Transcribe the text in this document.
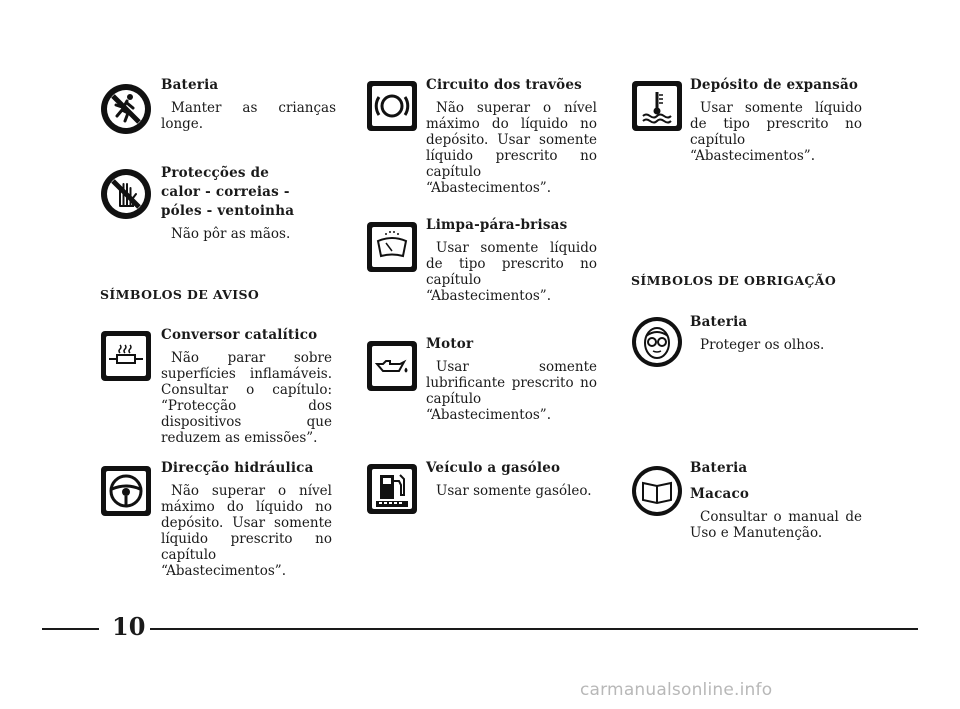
Bateria
Manter as crianças longe.
Protecções de calor - correias - póles - ventoinha
Não pôr as mãos.
SÍMBOLOS DE AVISO
Conversor catalítico
Não parar sobre superfícies inflamáveis. Consultar o capítulo: “Protecção dos dispositivos que reduzem as emissões”.
Direcção hidráulica
Não superar o nível máximo do líquido no depósito. Usar somente líquido prescrito no capítulo “Abastecimentos”.
Circuito dos travões
Não superar o nível máximo do líquido no depósito. Usar somente líquido prescrito no capítulo “Abastecimentos”.
Limpa-pára-brisas
Usar somente líquido de tipo prescrito no capítulo “Abastecimentos”.
Motor
Usar somente lubrificante prescrito no capítulo “Abastecimentos”.
Veículo a gasóleo
Usar somente gasóleo.
Depósito de expansão
Usar somente líquido de tipo prescrito no capítulo “Abastecimentos”.
SÍMBOLOS DE OBRIGAÇÃO
Bateria
Proteger os olhos.
Bateria
Macaco
Consultar o manual de Uso e Manutenção.
10
carmanualsonline.info
